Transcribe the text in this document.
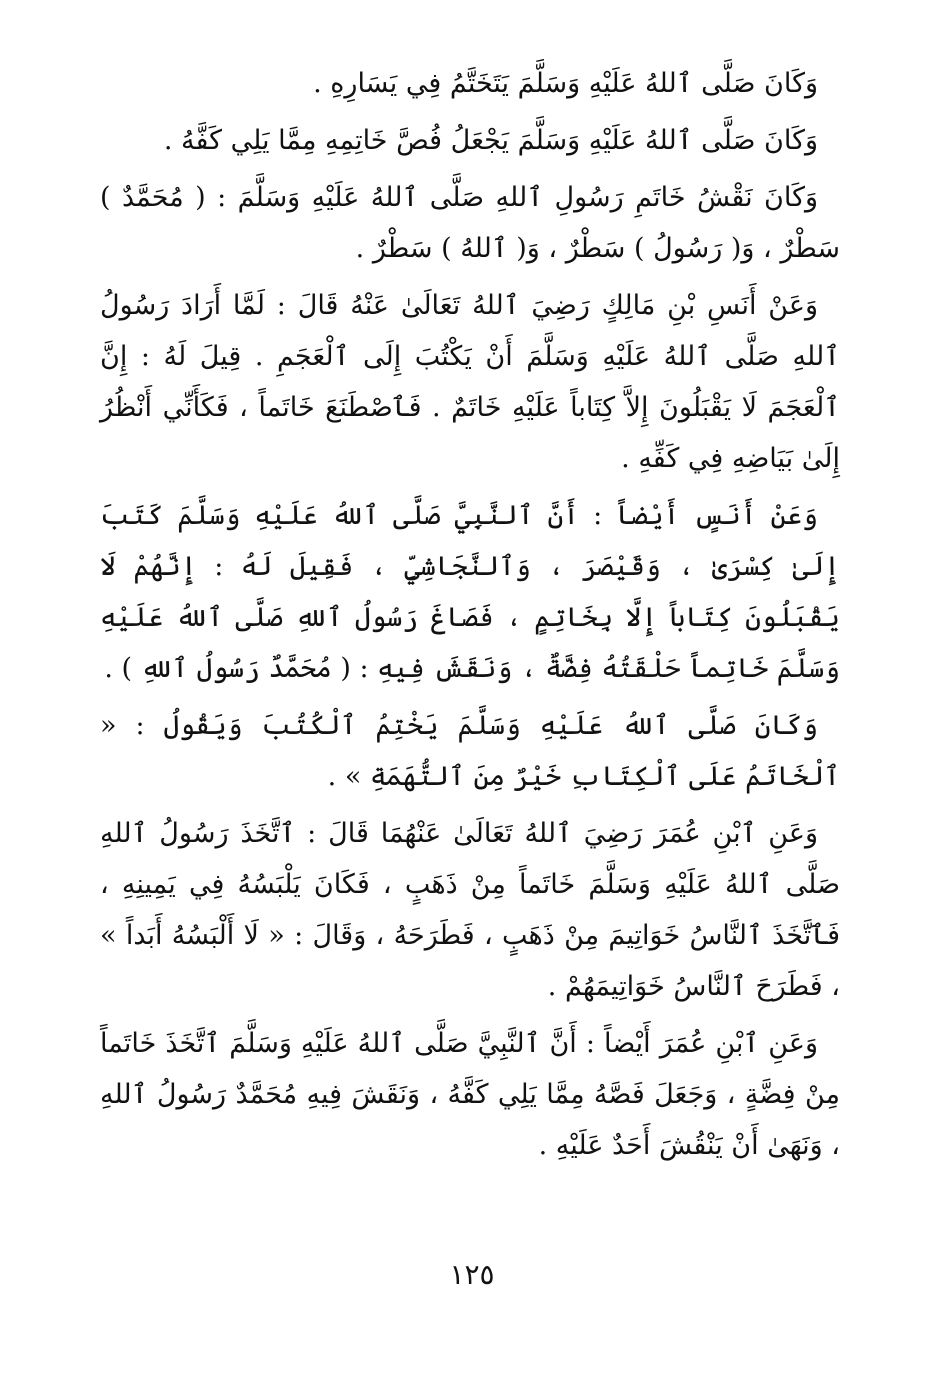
وَكَانَ صَلَّى ٱللهُ عَلَيْهِ وَسَلَّمَ يَتَخَتَّمُ فِي يَسَارِهِ .

وَكَانَ صَلَّى ٱللهُ عَلَيْهِ وَسَلَّمَ يَجْعَلُ فُصَّ خَاتِمِهِ مِمَّا يَلِي كَفَّهُ .

وَكَانَ نَقْشُ خَاتَمِ رَسُولِ ٱللهِ صَلَّى ٱللهُ عَلَيْهِ وَسَلَّمَ : ( مُحَمَّدٌ ) سَطْرٌ ، وَ( رَسُولُ ) سَطْرٌ ، وَ( ٱللهُ ) سَطْرٌ .

وَعَنْ أَنَسِ بْنِ مَالِكٍ رَضِيَ ٱللهُ تَعَالَىٰ عَنْهُ قَالَ : لَمَّا أَرَادَ رَسُولُ ٱللهِ صَلَّى ٱللهُ عَلَيْهِ وَسَلَّمَ أَنْ يَكْتُبَ إِلَى ٱلْعَجَمِ . قِيلَ لَهُ : إِنَّ ٱلْعَجَمَ لَا يَقْبَلُونَ إِلاَّ كِتَاباً عَلَيْهِ خَاتَمٌ . فَٱصْطَنَعَ خَاتَماً ، فَكَأَنِّي أَنْظُرُ إِلَىٰ بَيَاضِهِ فِي كَفِّهِ .

وَعَنْ أَنَسٍ أَيْضاً : أَنَّ ٱلنَّبِيَّ صَلَّى ٱللهُ عَلَيْهِ وَسَلَّمَ كَتَبَ إِلَىٰ كِسْرَىٰ ، وَقَيْصَرَ ، وَٱلنَّجَاشِيِّ ، فَقِيلَ لَهُ : إِنَّهُمْ لَا يَقْبَلُونَ كِتَاباً إِلَّا بِخَاتِمٍ ، فَصَاغَ رَسُولُ ٱللهِ صَلَّى ٱللهُ عَلَيْهِ وَسَلَّمَ خَاتِماً حَلْقَتُهُ فِضَّةٌ ، وَنَقَشَ فِيهِ : ( مُحَمَّدٌ رَسُولُ ٱللهِ ) .

وَكَانَ صَلَّى ٱللهُ عَلَيْهِ وَسَلَّمَ يَخْتِمُ ٱلْكُتُبَ وَيَقُولُ : « ٱلْخَاتَمُ عَلَى ٱلْكِتَابِ خَيْرٌ مِنَ ٱلتُّهَمَةِ » .

وَعَنِ ٱبْنِ عُمَرَ رَضِيَ ٱللهُ تَعَالَىٰ عَنْهُمَا قَالَ : ٱتَّخَذَ رَسُولُ ٱللهِ صَلَّى ٱللهُ عَلَيْهِ وَسَلَّمَ خَاتَماً مِنْ ذَهَبٍ ، فَكَانَ يَلْبَسُهُ فِي يَمِينِهِ ، فَٱتَّخَذَ ٱلنَّاسُ خَوَاتِيمَ مِنْ ذَهَبٍ ، فَطَرَحَهُ ، وَقَالَ : « لَا أَلْبَسُهُ أَبَداً » ، فَطَرَحَ ٱلنَّاسُ خَوَاتِيمَهُمْ .

وَعَنِ ٱبْنِ عُمَرَ أَيْضاً : أَنَّ ٱلنَّبِيَّ صَلَّى ٱللهُ عَلَيْهِ وَسَلَّمَ ٱتَّخَذَ خَاتَماً مِنْ فِضَّةٍ ، وَجَعَلَ فَصَّهُ مِمَّا يَلِي كَفَّهُ ، وَنَقَشَ فِيهِ مُحَمَّدٌ رَسُولُ ٱللهِ ، وَنَهَىٰ أَنْ يَنْقُشَ أَحَدٌ عَلَيْهِ .

١٢٥
